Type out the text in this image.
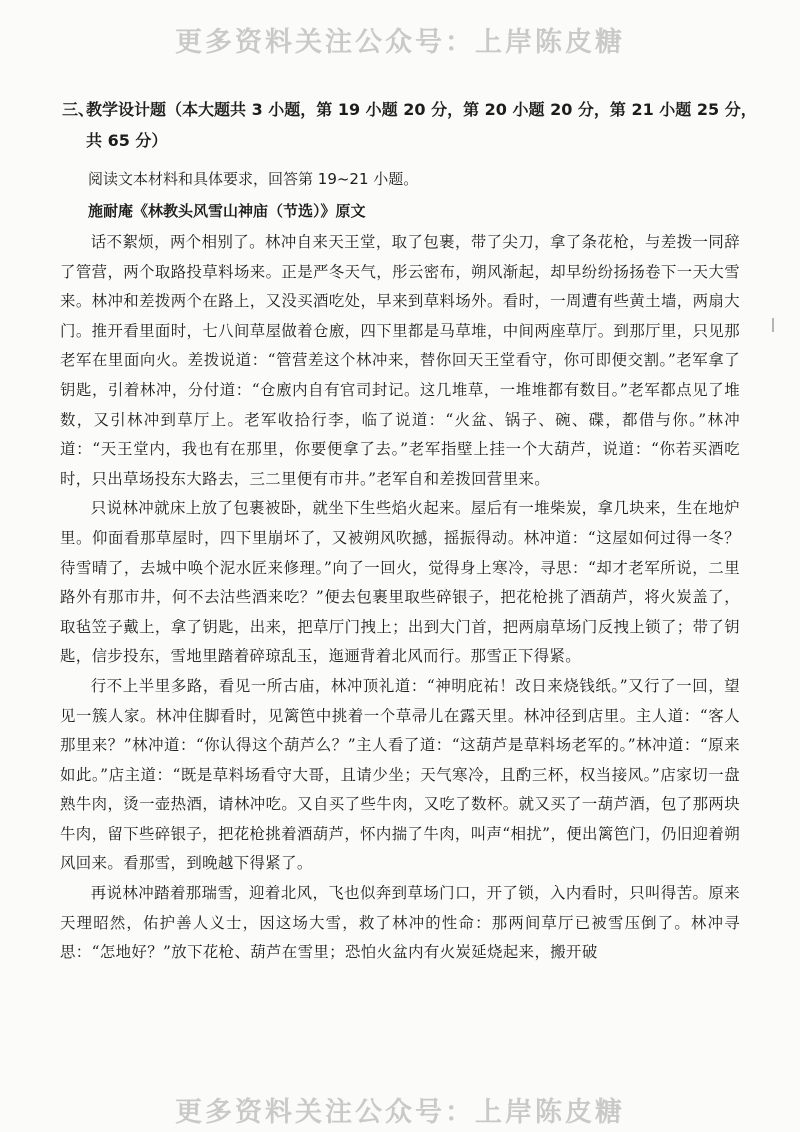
更多资料关注公众号：上岸陈皮糖
三、
教学设计题（本大题共 3 小题，第 19 小题 20 分，第 20 小题 20 分，第 21 小题 25 分，共 65 分）
阅读文本材料和具体要求，回答第 19~21 小题。
施耐庵《林教头风雪山神庙（节选）》原文

话不絮烦，两个相别了。林冲自来天王堂，取了包裹，带了尖刀，拿了条花枪，与差拨一同辞了管营，两个取路投草料场来。正是严冬天气，彤云密布，朔风渐起，却早纷纷扬扬卷下一天大雪来。林冲和差拨两个在路上，又没买酒吃处，早来到草料场外。看时，一周遭有些黄土墙，两扇大门。推开看里面时，七八间草屋做着仓廒，四下里都是马草堆，中间两座草厅。到那厅里，只见那老军在里面向火。差拨说道：“管营差这个林冲来，替你回天王堂看守，你可即便交割。”老军拿了钥匙，引着林冲，分付道：“仓廒内自有官司封记。这几堆草，一堆堆都有数目。”老军都点见了堆数，又引林冲到草厅上。老军收拾行李，临了说道：“火盆、锅子、碗、碟，都借与你。”林冲道：“天王堂内，我也有在那里，你要便拿了去。”老军指壁上挂一个大葫芦，说道：“你若买酒吃时，只出草场投东大路去，三二里便有市井。”老军自和差拨回营里来。

只说林冲就床上放了包裹被卧，就坐下生些焰火起来。屋后有一堆柴炭，拿几块来，生在地炉里。仰面看那草屋时，四下里崩坏了，又被朔风吹撼，摇振得动。林冲道：“这屋如何过得一冬？待雪晴了，去城中唤个泥水匠来修理。”向了一回火，觉得身上寒冷，寻思：“却才老军所说，二里路外有那市井，何不去沽些酒来吃？”便去包裹里取些碎银子，把花枪挑了酒葫芦，将火炭盖了，取毡笠子戴上，拿了钥匙，出来，把草厅门拽上；出到大门首，把两扇草场门反拽上锁了；带了钥匙，信步投东，雪地里踏着碎琼乱玉，迤逦背着北风而行。那雪正下得紧。

行不上半里多路，看见一所古庙，林冲顶礼道：“神明庇祐！改日来烧钱纸。”又行了一回，望见一簇人家。林冲住脚看时，见篱笆中挑着一个草帚儿在露天里。林冲径到店里。主人道：“客人那里来？”林冲道：“你认得这个葫芦么？”主人看了道：“这葫芦是草料场老军的。”林冲道：“原来如此。”店主道：“既是草料场看守大哥，且请少坐；天气寒冷，且酌三杯，权当接风。”店家切一盘熟牛肉，烫一壶热酒，请林冲吃。又自买了些牛肉，又吃了数杯。就又买了一葫芦酒，包了那两块牛肉，留下些碎银子，把花枪挑着酒葫芦，怀内揣了牛肉，叫声“相扰”，便出篱笆门，仍旧迎着朔风回来。看那雪，到晚越下得紧了。

再说林冲踏着那瑞雪，迎着北风，飞也似奔到草场门口，开了锁，入内看时，只叫得苦。原来天理昭然，佑护善人义士，因这场大雪，救了林冲的性命：那两间草厅已被雪压倒了。林冲寻思：“怎地好？”放下花枪、葫芦在雪里；恐怕火盆内有火炭延烧起来，搬开破

更多资料关注公众号：上岸陈皮糖
